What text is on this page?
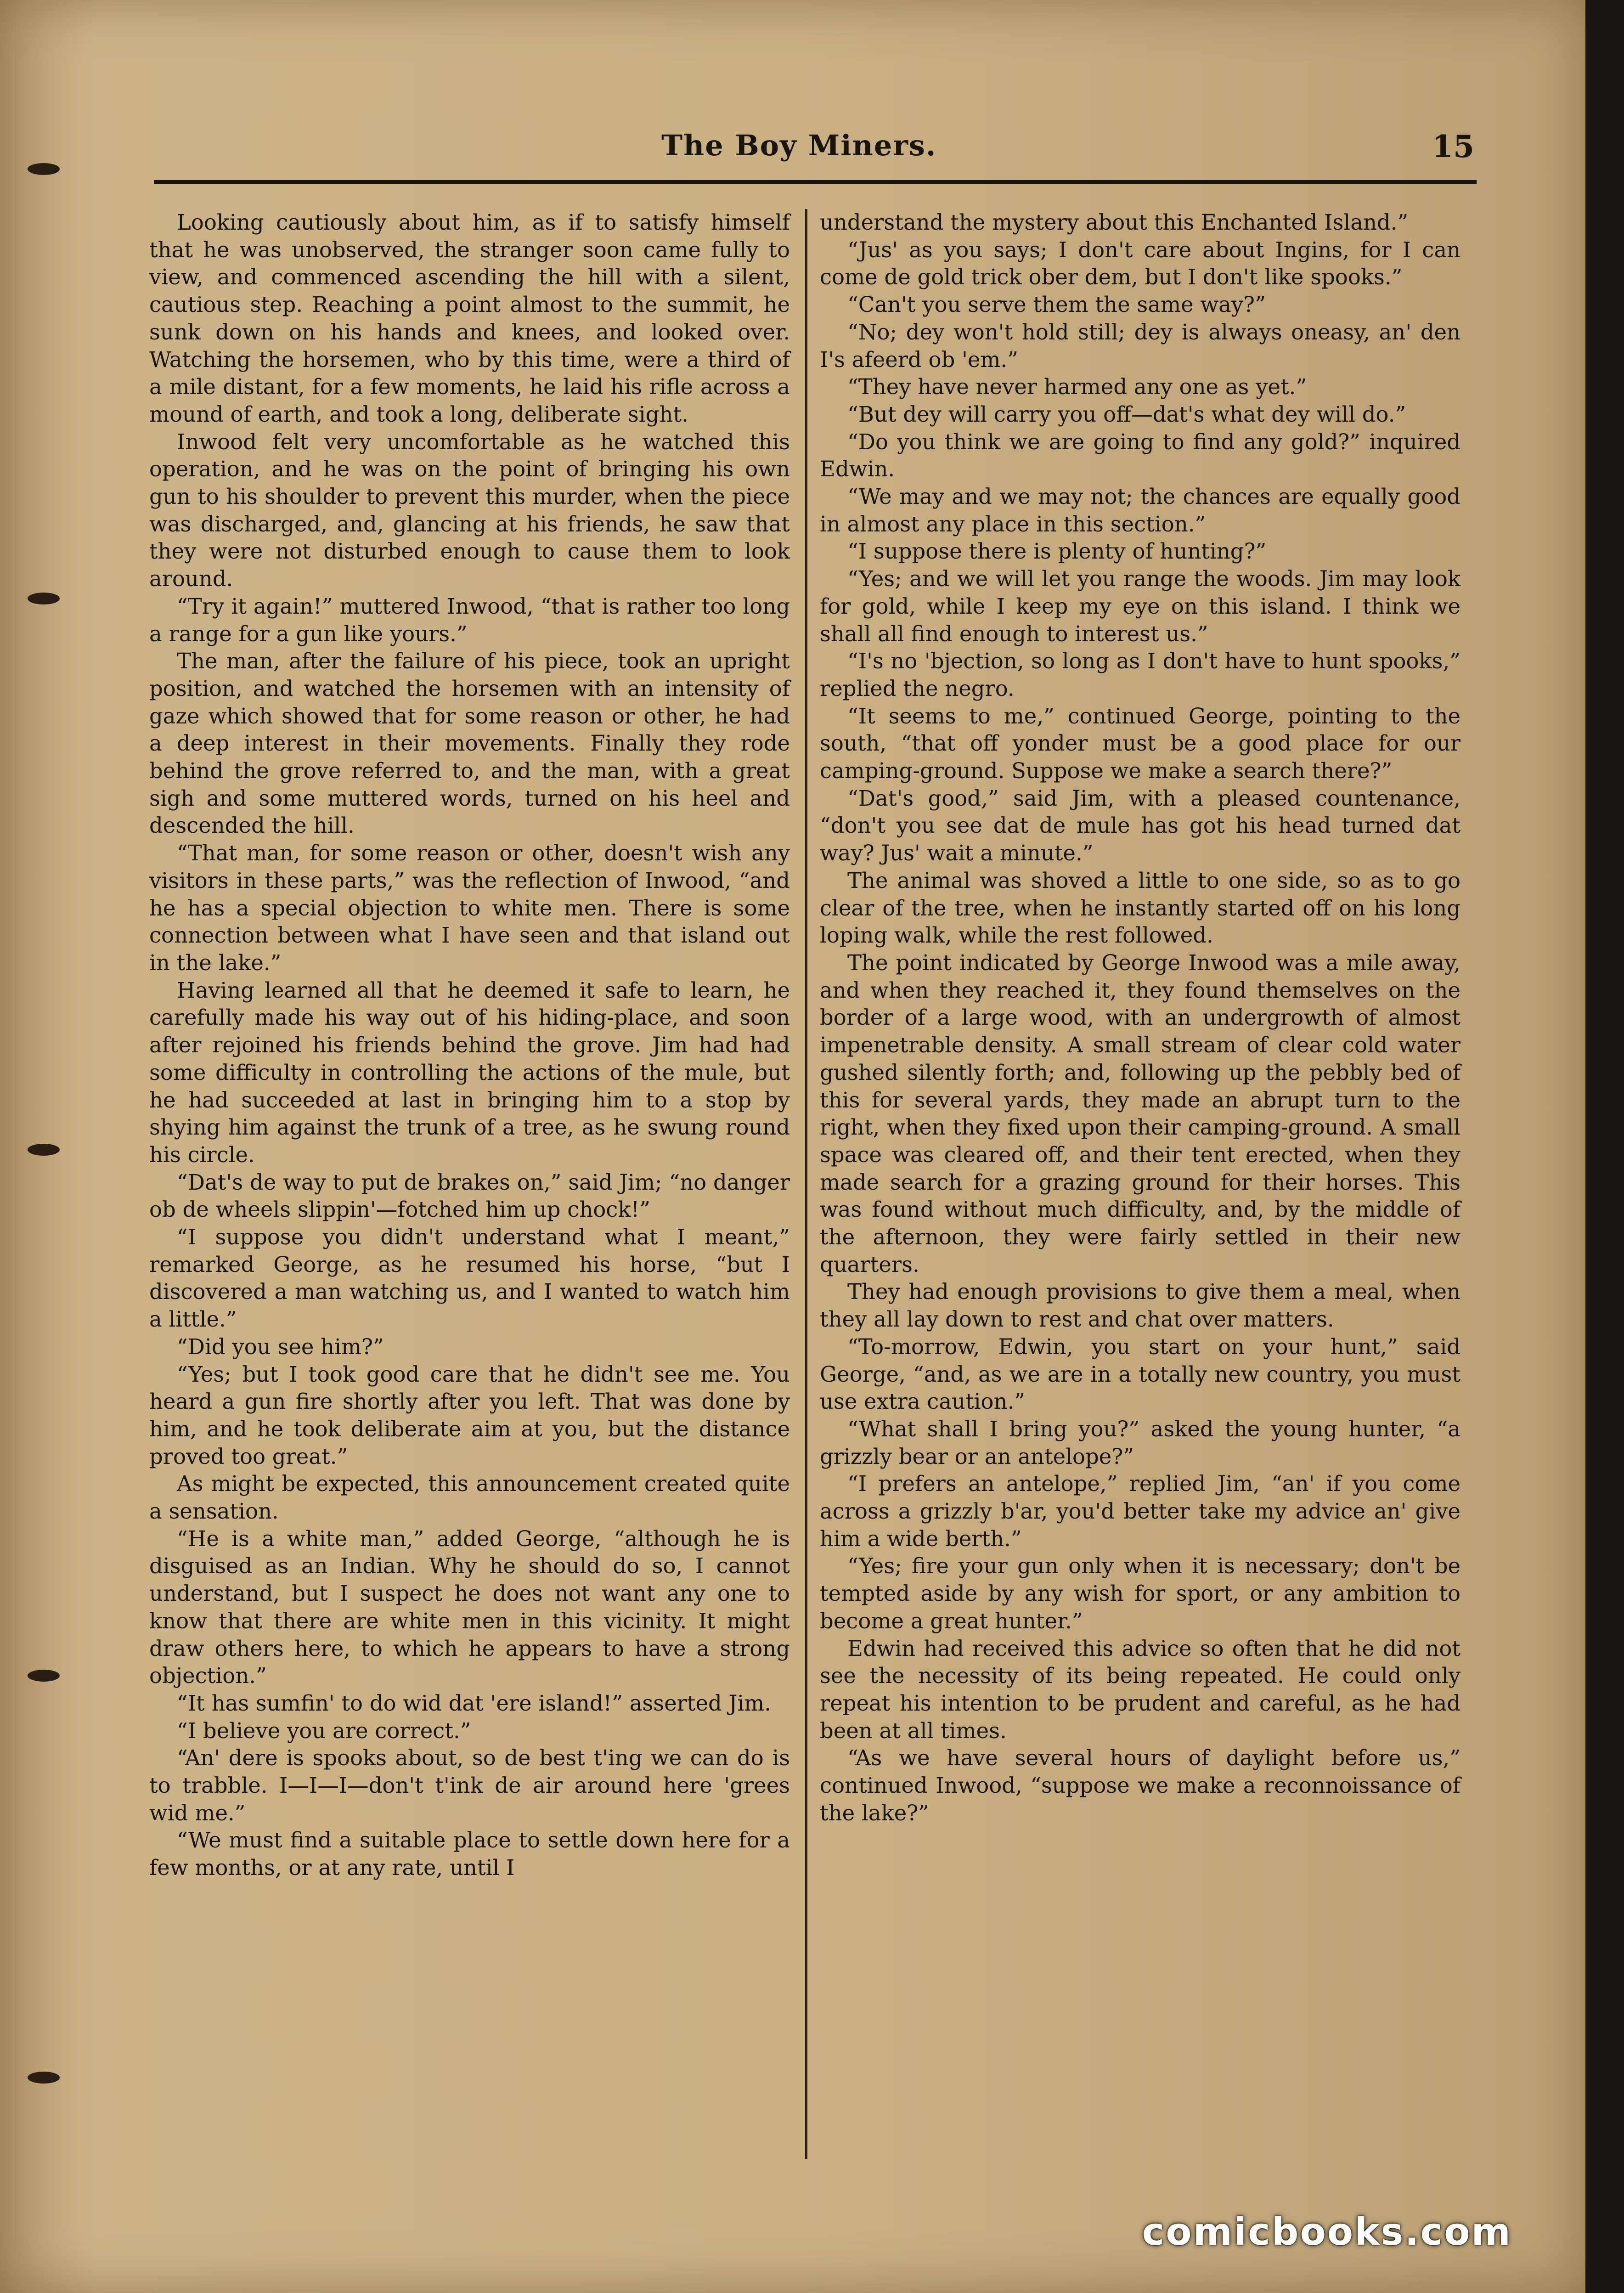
The Boy Miners.	15

Looking cautiously about him, as if to satisfy himself that he was unobserved, the stranger soon came fully to view, and commenced ascending the hill with a silent, cautious step. Reaching a point almost to the summit, he sunk down on his hands and knees, and looked over. Watching the horsemen, who by this time, were a third of a mile distant, for a few moments, he laid his rifle across a mound of earth, and took a long, deliberate sight.

Inwood felt very uncomfortable as he watched this operation, and he was on the point of bringing his own gun to his shoulder to prevent this murder, when the piece was discharged, and, glancing at his friends, he saw that they were not disturbed enough to cause them to look around.

“Try it again!” muttered Inwood, “that is rather too long a range for a gun like yours.”

The man, after the failure of his piece, took an upright position, and watched the horsemen with an intensity of gaze which showed that for some reason or other, he had a deep interest in their movements. Finally they rode behind the grove referred to, and the man, with a great sigh and some muttered words, turned on his heel and descended the hill.

“That man, for some reason or other, doesn't wish any visitors in these parts,” was the reflection of Inwood, “and he has a special objection to white men. There is some connection between what I have seen and that island out in the lake.”

Having learned all that he deemed it safe to learn, he carefully made his way out of his hiding-place, and soon after rejoined his friends behind the grove. Jim had had some difficulty in controlling the actions of the mule, but he had succeeded at last in bringing him to a stop by shying him against the trunk of a tree, as he swung round his circle.

“Dat's de way to put de brakes on,” said Jim; “no danger ob de wheels slippin'—fotched him up chock!”

“I suppose you didn't understand what I meant,” remarked George, as he resumed his horse, “but I discovered a man watching us, and I wanted to watch him a little.”

“Did you see him?”

“Yes; but I took good care that he didn't see me. You heard a gun fire shortly after you left. That was done by him, and he took deliberate aim at you, but the distance proved too great.”

As might be expected, this announcement created quite a sensation.

“He is a white man,” added George, “although he is disguised as an Indian. Why he should do so, I cannot understand, but I suspect he does not want any one to know that there are white men in this vicinity. It might draw others here, to which he appears to have a strong objection.”

“It has sumfin' to do wid dat 'ere island!” asserted Jim.

“I believe you are correct.”

“An' dere is spooks about, so de best t'ing we can do is to trabble. I—I—I—don't t'ink de air around here 'grees wid me.”

“We must find a suitable place to settle down here for a few months, or at any rate, until I

understand the mystery about this Enchanted Island.”

“Jus' as you says; I don't care about Ingins, for I can come de gold trick ober dem, but I don't like spooks.”

“Can't you serve them the same way?”

“No; dey won't hold still; dey is always oneasy, an' den I's afeerd ob 'em.”

“They have never harmed any one as yet.”

“But dey will carry you off—dat's what dey will do.”

“Do you think we are going to find any gold?” inquired Edwin.

“We may and we may not; the chances are equally good in almost any place in this section.”

“I suppose there is plenty of hunting?”

“Yes; and we will let you range the woods. Jim may look for gold, while I keep my eye on this island. I think we shall all find enough to interest us.”

“I's no 'bjection, so long as I don't have to hunt spooks,” replied the negro.

“It seems to me,” continued George, pointing to the south, “that off yonder must be a good place for our camping-ground. Suppose we make a search there?”

“Dat's good,” said Jim, with a pleased countenance, “don't you see dat de mule has got his head turned dat way? Jus' wait a minute.”

The animal was shoved a little to one side, so as to go clear of the tree, when he instantly started off on his long loping walk, while the rest followed.

The point indicated by George Inwood was a mile away, and when they reached it, they found themselves on the border of a large wood, with an undergrowth of almost impenetrable density. A small stream of clear cold water gushed silently forth; and, following up the pebbly bed of this for several yards, they made an abrupt turn to the right, when they fixed upon their camping-ground. A small space was cleared off, and their tent erected, when they made search for a grazing ground for their horses. This was found without much difficulty, and, by the middle of the afternoon, they were fairly settled in their new quarters.

They had enough provisions to give them a meal, when they all lay down to rest and chat over matters.

“To-morrow, Edwin, you start on your hunt,” said George, “and, as we are in a totally new country, you must use extra caution.”

“What shall I bring you?” asked the young hunter, “a grizzly bear or an antelope?”

“I prefers an antelope,” replied Jim, “an' if you come across a grizzly b'ar, you'd better take my advice an' give him a wide berth.”

“Yes; fire your gun only when it is necessary; don't be tempted aside by any wish for sport, or any ambition to become a great hunter.”

Edwin had received this advice so often that he did not see the necessity of its being repeated. He could only repeat his intention to be prudent and careful, as he had been at all times.

“As we have several hours of daylight before us,” continued Inwood, “suppose we make a reconnoissance of the lake?”

comicbooks.com
